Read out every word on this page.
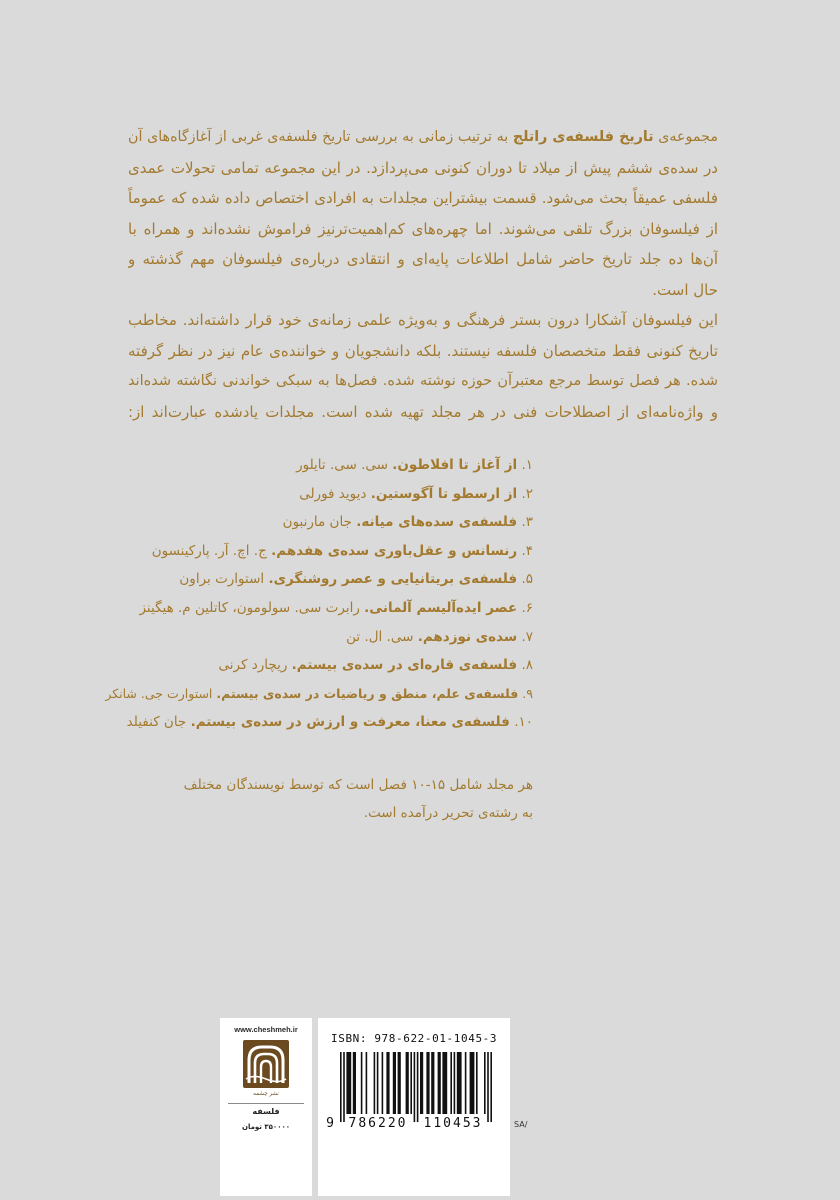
مجموعه‌ی تاریخ فلسفه‌ی راتلج به ترتیب زمانی به بررسی تاریخ فلسفه‌ی غربی از آغازگاه‌های آن
در سده‌ی ششم پیش از میلاد تا دوران کنونی می‌پردازد. در این مجموعه تمامی تحولات عمدی
فلسفی عمیقاً بحث می‌شود. قسمت بیشتراین مجلدات به افرادی اختصاص داده شده که عموماً
از فیلسوفان بزرگ تلقی می‌شوند. اما چهره‌های کم‌اهمیت‌ترنیز فراموش نشده‌اند و همراه با
آن‌ها ده جلد تاریخ حاضر شامل اطلاعات پایه‌ای و انتقادی درباره‌ی فیلسوفان مهم گذشته و
حال است.
این فیلسوفان آشکارا درون بستر فرهنگی و به‌ویژه علمی زمانه‌ی خود قرار داشته‌اند. مخاطب
تاریخ کنونی فقط متخصصان فلسفه نیستند. بلکه دانشجویان و خواننده‌ی عام نیز در نظر گرفته
شده. هر فصل توسط مرجع معتبرآن حوزه نوشته شده. فصل‌ها به سبکی خواندنی نگاشته شده‌اند
و واژه‌نامه‌ای از اصطلاحات فنی در هر مجلد تهیه شده است. مجلدات یادشده عبارت‌اند از:
۱. از آغاز تا افلاطون. سی. سی. تایلور
۲. از ارسطو تا آگوستین. دیوید فورلی
۳. فلسفه‌ی سده‌های میانه. جان مارنبون
۴. رنسانس و عقل‌باوری سده‌ی هفدهم. ج. اچ. آر. پارکینسون
۵. فلسفه‌ی بریتانیایی و عصر روشنگری. استوارت براون
۶. عصر ایده‌آلیسم آلمانی. رابرت سی. سولومون، کاتلین م. هیگینز
۷. سده‌ی نوزدهم. سی. ال. تن
۸. فلسفه‌ی قاره‌ای در سده‌ی بیستم. ریچارد کرنی
۹. فلسفه‌ی علم، منطق و ریاضیات در سده‌ی بیستم. استوارت جی. شانکر
۱۰. فلسفه‌ی معنا، معرفت و ارزش در سده‌ی بیستم. جان کنفیلد
هر مجلد شامل ۱۵-۱۰ فصل است که توسط نویسندگان مختلف
به رشته‌ی تحریر درآمده است.
www.cheshmeh.ir
نشر چشمه
فلسفه
۳۵۰۰۰۰ تومان
ISBN: 978-622-01-1045-3
9	786220	110453	SA/
